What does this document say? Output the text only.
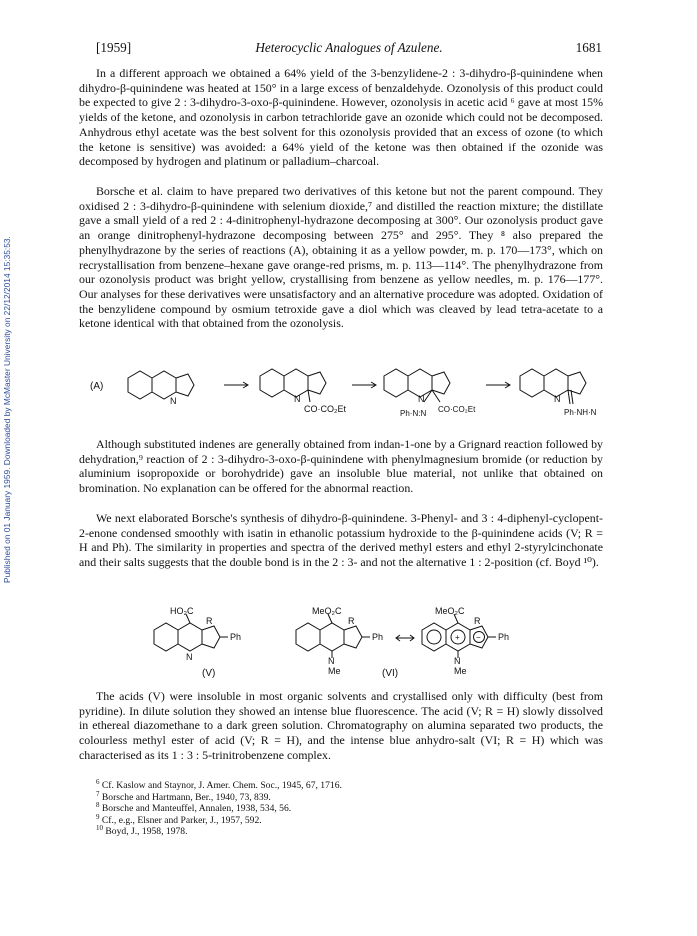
Published on 01 January 1959. Downloaded by McMaster University on 22/12/2014 15:35:53.
[1959]	Heterocyclic Analogues of Azulene.	1681

In a different approach we obtained a 64% yield of the 3-benzylidene-2 : 3-dihydro-β-quinindene when dihydro-β-quinindene was heated at 150° in a large excess of benzaldehyde. Ozonolysis of this product could be expected to give 2 : 3-dihydro-3-oxo-β-quinindene. However, ozonolysis in acetic acid ⁶ gave at most 15% yields of the ketone, and ozonolysis in carbon tetrachloride gave an ozonide which could not be decomposed. Anhydrous ethyl acetate was the best solvent for this ozonolysis provided that an excess of ozone (to which the ketone is sensitive) was avoided: a 64% yield of the ketone was then obtained if the ozonide was decomposed by hydrogen and platinum or palladium–charcoal.

Borsche et al. claim to have prepared two derivatives of this ketone but not the parent compound. They oxidised 2 : 3-dihydro-β-quinindene with selenium dioxide,⁷ and distilled the reaction mixture; the distillate gave a small yield of a red 2 : 4-dinitrophenyl-hydrazone decomposing at 300°. Our ozonolysis product gave an orange dinitrophenyl-hydrazone decomposing between 275° and 295°. They ⁸ also prepared the phenylhydrazone by the series of reactions (A), obtaining it as a yellow powder, m. p. 170—173°, which on recrystallisation from benzene–hexane gave orange-red prisms, m. p. 113—114°. The phenylhydrazone from our ozonolysis product was bright yellow, crystallising from benzene as yellow needles, m. p. 176—177°. Our analyses for these derivatives were unsatisfactory and an alternative procedure was adopted. Oxidation of the benzylidene compound by osmium tetroxide gave a diol which was cleaved by lead tetra-acetate to a ketone identical with that obtained from the ozonolysis.

(A)
N	N
CO·CO₂Et
N
Ph·N:N CO·CO₂Et
N
Ph·NH·N

Although substituted indenes are generally obtained from indan-1-one by a Grignard reaction followed by dehydration,⁹ reaction of 2 : 3-dihydro-3-oxo-β-quinindene with phenylmagnesium bromide (or reduction by aluminium isopropoxide or borohydride) gave an insoluble blue material, not unlike that obtained on bromination. No explanation can be offered for the abnormal reaction.

We next elaborated Borsche's synthesis of dihydro-β-quinindene. 3-Phenyl- and 3 : 4-diphenyl-cyclopent-2-enone condensed smoothly with isatin in ethanolic potassium hydroxide to the β-quinindene acids (V; R = H and Ph). The similarity in properties and spectra of the derived methyl esters and ethyl 2-styrylcinchonate and their salts suggests that the double bond is in the 2 : 3- and not the alternative 1 : 2-position (cf. Boyd ¹⁰).

HO₂C
R
Ph
N
(V)
MeO₂C
R
Ph
N
Me
MeO₂C
R
Ph
+ −
N
Me
(VI)

The acids (V) were insoluble in most organic solvents and crystallised only with difficulty (best from pyridine). In dilute solution they showed an intense blue fluorescence. The acid (V; R = H) slowly dissolved in ethereal diazomethane to a dark green solution. Chromatography on alumina separated two products, the colourless methyl ester of acid (V; R = H), and the intense blue anhydro-salt (VI; R = H) which was characterised as its 1 : 3 : 5-trinitrobenzene complex.

$^6$ Cf. Kaslow and Staynor, J. Amer. Chem. Soc., 1945, 67, 1716.
$^7$ Borsche and Hartmann, Ber., 1940, 73, 839.
$^8$ Borsche and Manteuffel, Annalen, 1938, 534, 56.
$^9$ Cf., e.g., Elsner and Parker, J., 1957, 592.
$^{10}$ Boyd, J., 1958, 1978.
